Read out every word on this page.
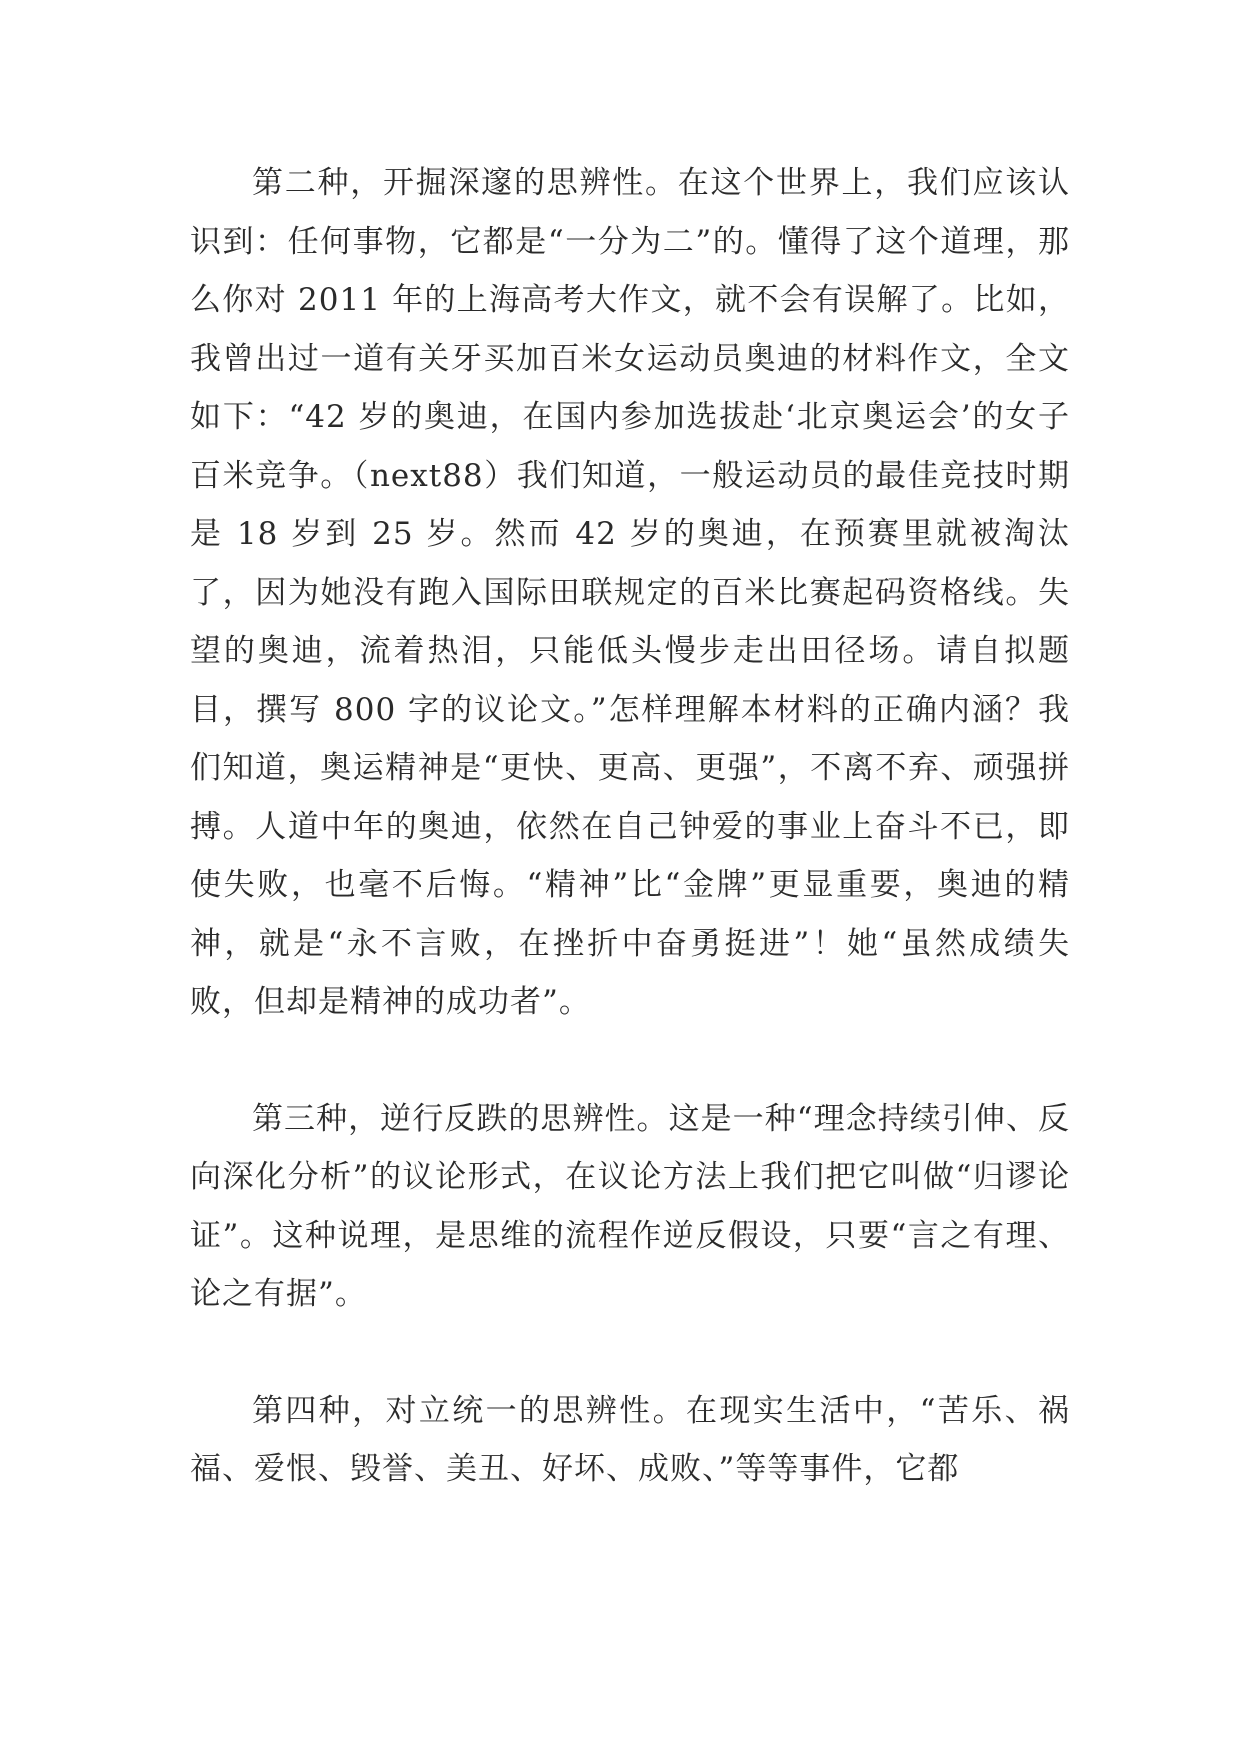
第二种，开掘深邃的思辨性。在这个世界上，我们应该认识到：任何事物，它都是“一分为二”的。懂得了这个道理，那么你对 2011 年的上海高考大作文，就不会有误解了。比如，我曾出过一道有关牙买加百米女运动员奥迪的材料作文，全文如下：“42 岁的奥迪，在国内参加选拔赴‘北京奥运会’的女子百米竞争。（next88）我们知道，一般运动员的最佳竞技时期是 18 岁到 25 岁。然而 42 岁的奥迪，在预赛里就被淘汰了，因为她没有跑入国际田联规定的百米比赛起码资格线。失望的奥迪，流着热泪，只能低头慢步走出田径场。请自拟题目，撰写 800 字的议论文。”怎样理解本材料的正确内涵？我们知道，奥运精神是“更快、更高、更强”，不离不弃、顽强拼搏。人道中年的奥迪，依然在自己钟爱的事业上奋斗不已，即使失败，也毫不后悔。“精神”比“金牌”更显重要，奥迪的精神，就是“永不言败，在挫折中奋勇挺进”！她“虽然成绩失败，但却是精神的成功者”。

第三种，逆行反跌的思辨性。这是一种“理念持续引伸、反向深化分析”的议论形式，在议论方法上我们把它叫做“归谬论证”。这种说理，是思维的流程作逆反假设，只要“言之有理、论之有据”。

第四种，对立统一的思辨性。在现实生活中，“苦乐、祸福、爱恨、毁誉、美丑、好坏、成败、”等等事件，它都
